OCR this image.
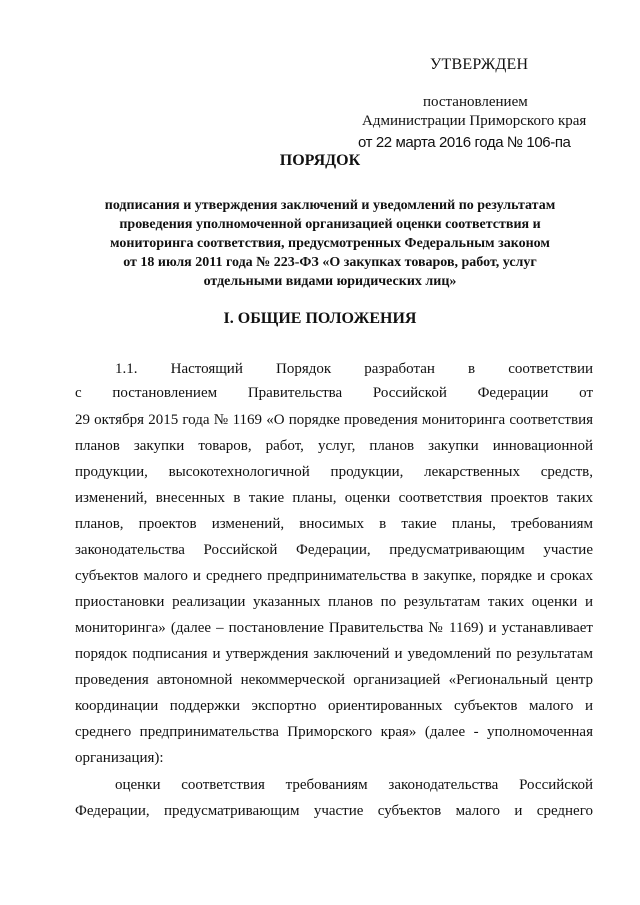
УТВЕРЖДЕН
постановлением
Администрации Приморского края
от 22 марта 2016 года № 106-па
ПОРЯДОК
подписания и утверждения заключений и уведомлений по результатам
проведения уполномоченной организацией оценки соответствия и
мониторинга соответствия, предусмотренных Федеральным законом
от 18 июля 2011 года № 223-ФЗ «О закупках товаров, работ, услуг
отдельными видами юридических лиц»
I. ОБЩИЕ ПОЛОЖЕНИЯ
1.1. Настоящий Порядок разработан в соответствии
с постановлением Правительства Российской Федерации от
29 октября 2015 года № 1169 «О порядке проведения мониторинга соответствия
планов закупки товаров, работ, услуг, планов закупки инновационной
продукции, высокотехнологичной продукции, лекарственных средств,
изменений, внесенных в такие планы, оценки соответствия проектов таких
планов, проектов изменений, вносимых в такие планы, требованиям
законодательства Российской Федерации, предусматривающим участие
субъектов малого и среднего предпринимательства в закупке, порядке и сроках
приостановки реализации указанных планов по результатам таких оценки и
мониторинга» (далее – постановление Правительства № 1169) и устанавливает
порядок подписания и утверждения заключений и уведомлений по результатам
проведения автономной некоммерческой организацией «Региональный центр
координации поддержки экспортно ориентированных субъектов малого и
среднего предпринимательства Приморского края» (далее - уполномоченная
организация):
оценки соответствия требованиям законодательства Российской
Федерации, предусматривающим участие субъектов малого и среднего
